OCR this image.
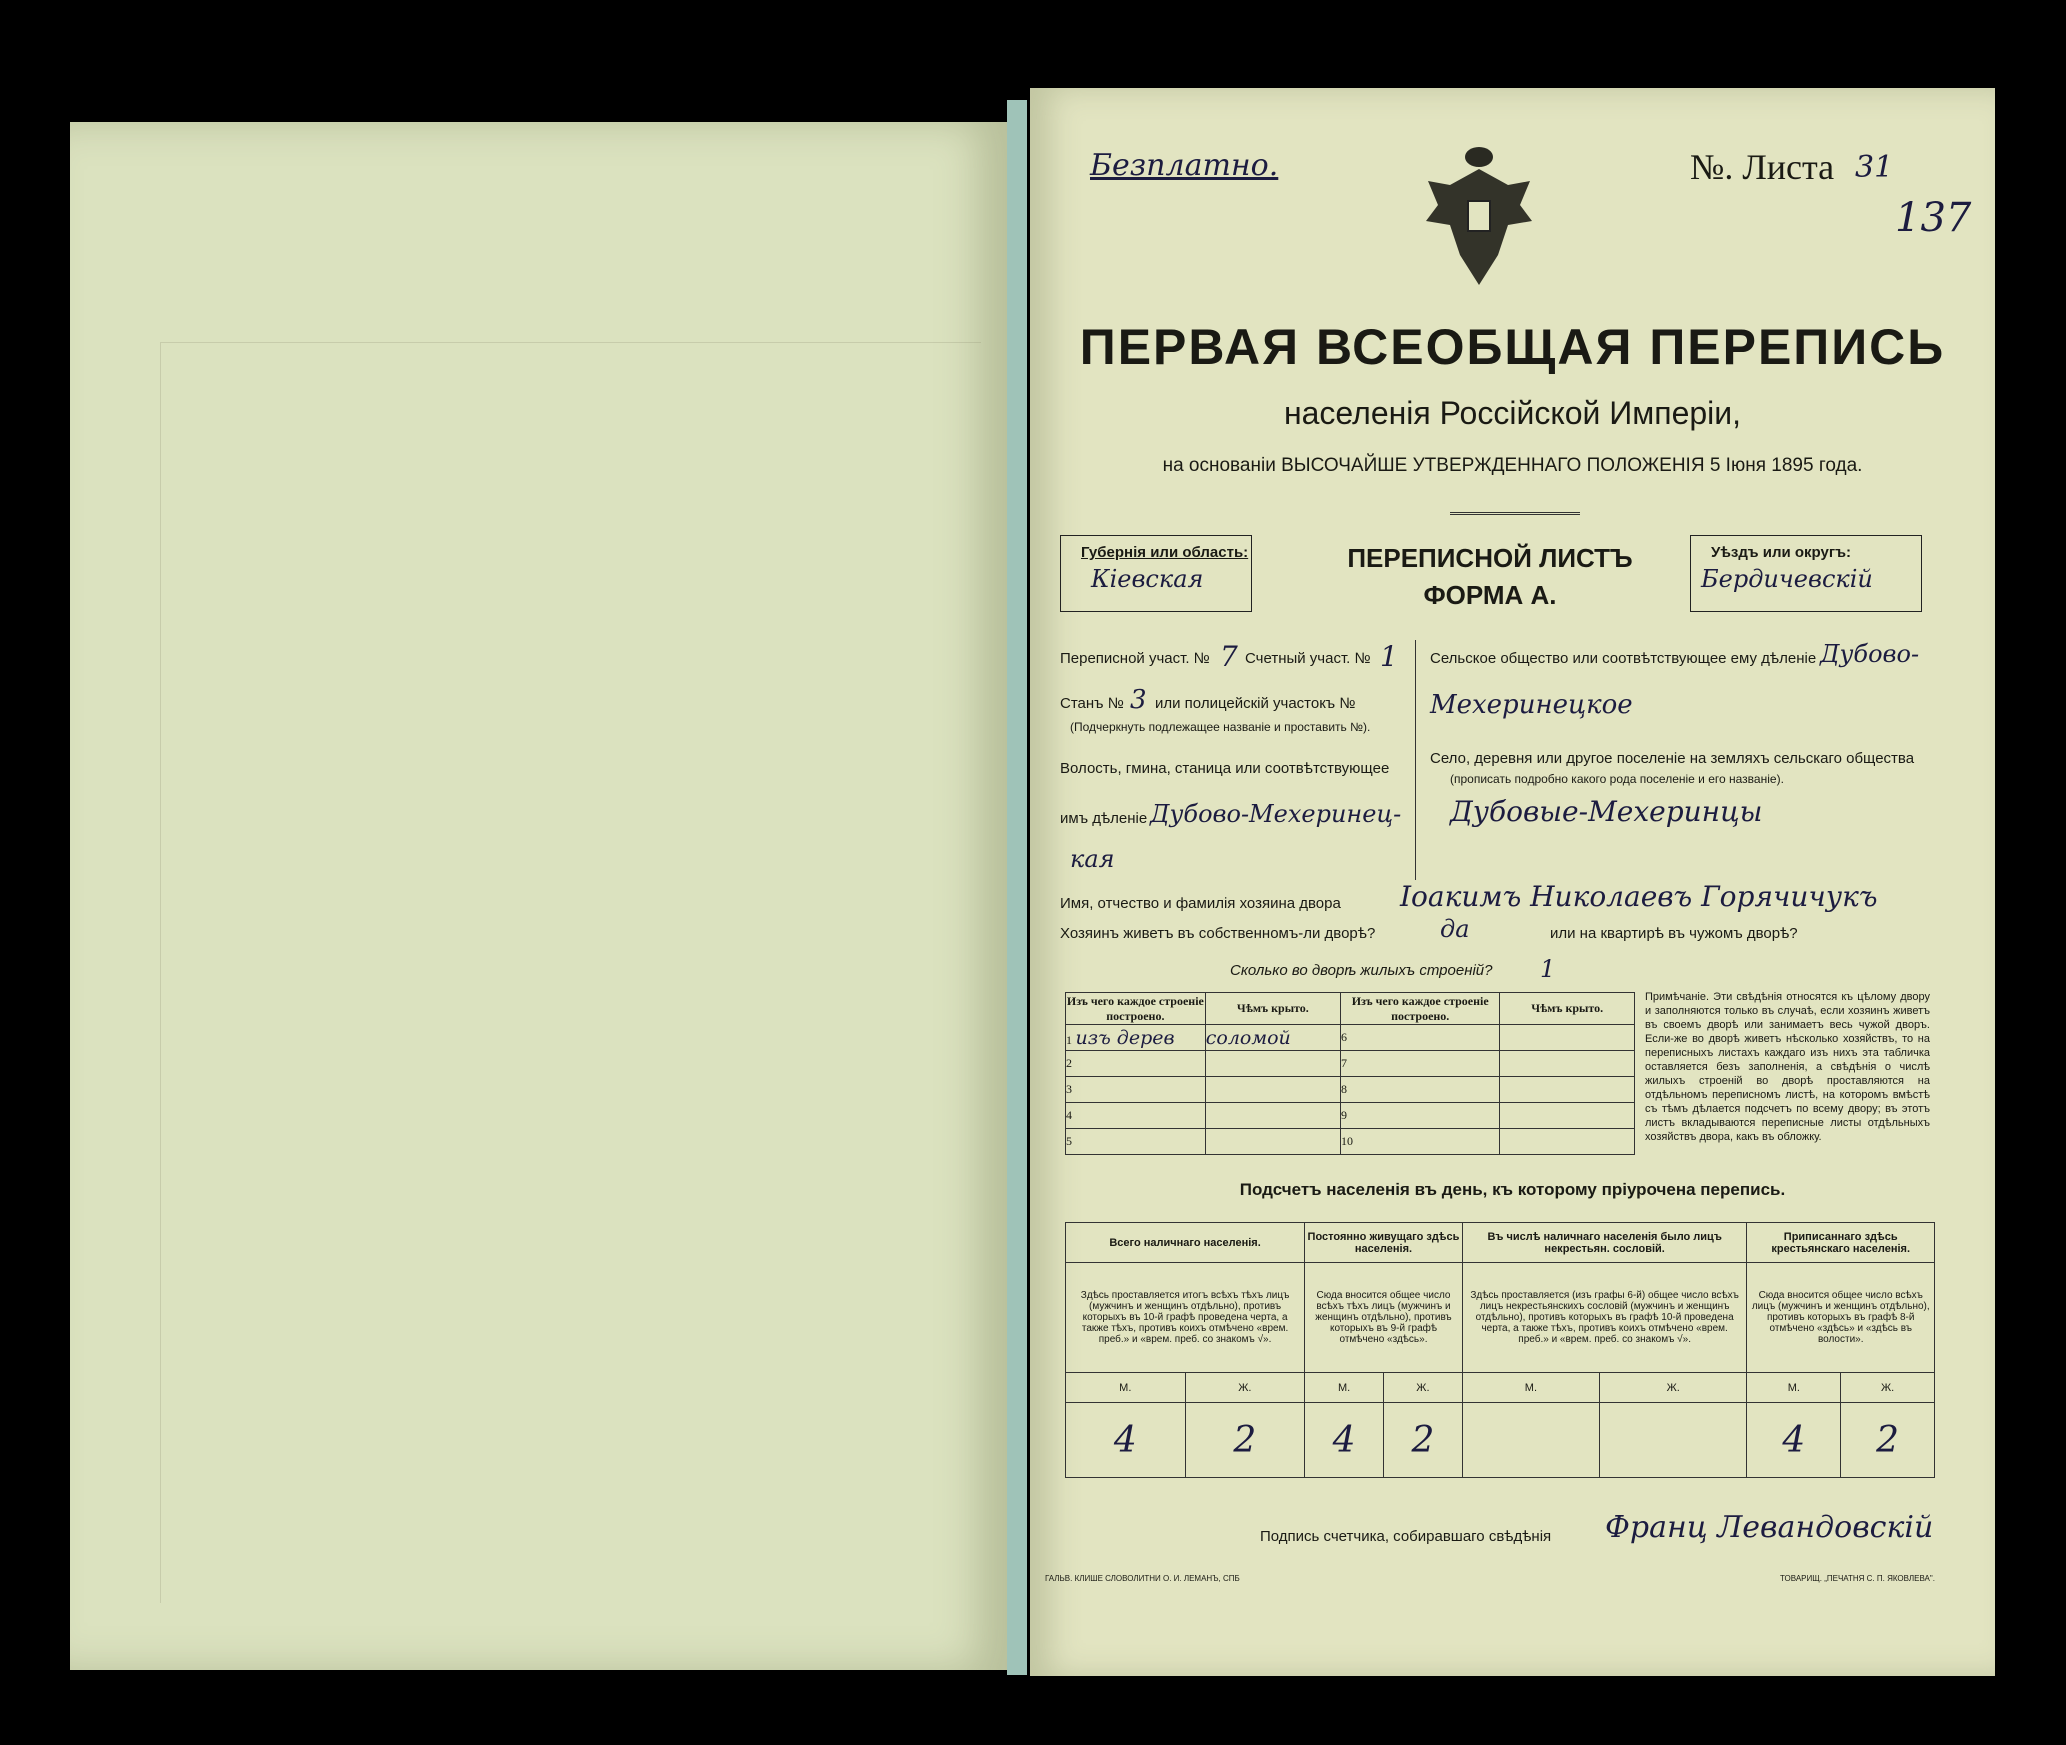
Безплатно.	№. Листа 31
137
ПЕРВАЯ ВСЕОБЩАЯ ПЕРЕПИСЬ
населенія Россійской Имперіи,
на основаніи ВЫСОЧАЙШЕ УТВЕРЖДЕННАГО ПОЛОЖЕНІЯ 5 Іюня 1895 года.
Губернія или область:
Кіевская
ПЕРЕПИСНОЙ ЛИСТЪ
ФОРМА А.
Уѣздъ или округъ:
Бердичевскій
Переписной участ. № 7 Счетный участ. № 1
Станъ № 3 или полицейскій участокъ №
(Подчеркнуть подлежащее названіе и проставить №).
Волость, гмина, станица или соотвѣтствующее
имъ дѣленіе Дубово-Мехеринец-
кая
Сельское общество или соотвѣтствующее ему дѣленіе Дубово-
Мехеринецкое
Село, деревня или другое поселеніе на земляхъ сельскаго общества
(прописать подробно какого рода поселеніе и его названіе).
Дубовые-Мехеринцы
Имя, отчество и фамилія хозяина двора Іоакимъ Николаевъ Горячичукъ
Хозяинъ живетъ въ собственномъ-ли дворѣ?	да	или на квартирѣ въ чужомъ дворѣ?
Сколько во дворѣ жилыхъ строеній? 1
Изъ чего каждое строеніе построено.	Чѣмъ крыто.	Изъ чего каждое строеніе построено.	Чѣмъ крыто.
1 изъ дерев	соломой	6	
2		7	
3		8	
4		9	
5		10	
Примѣчаніе. Эти свѣдѣнія относятся къ цѣлому двору и заполняются только въ случаѣ, если хозяинъ живетъ въ своемъ дворѣ или занимаетъ весь чужой дворъ. Если-же во дворѣ живетъ нѣсколько хозяйствъ, то на переписныхъ листахъ каждаго изъ нихъ эта табличка оставляется безъ заполненія, а свѣдѣнія о числѣ жилыхъ строеній во дворѣ проставляются на отдѣльномъ переписномъ листѣ, на которомъ вмѣстѣ съ тѣмъ дѣлается подсчетъ по всему двору; въ этотъ листъ вкладываются переписные листы отдѣльныхъ хозяйствъ двора, какъ въ обложку.
Подсчетъ населенія въ день, къ которому пріурочена перепись.
Всего наличнаго населенія.		Постоянно живущаго здѣсь населенія.		Въ числѣ наличнаго населенія было лицъ некрестьян. сословій.		Приписаннаго здѣсь крестьянскаго населенія.	
Здѣсь проставляется итогъ всѣхъ тѣхъ лицъ (мужчинъ и женщинъ отдѣльно), противъ которыхъ въ 10-й графѣ проведена черта, а также тѣхъ, противъ коихъ отмѣчено «врем. преб.» и «врем. преб. со знакомъ √».		Сюда вносится общее число всѣхъ тѣхъ лицъ (мужчинъ и женщинъ отдѣльно), противъ которыхъ въ 9-й графѣ отмѣчено «здѣсь».		Здѣсь проставляется (изъ графы 6-й) общее число всѣхъ лицъ некрестьянскихъ сословій (мужчинъ и женщинъ отдѣльно), противъ которыхъ въ графѣ 10-й проведена черта, а также тѣхъ, противъ коихъ отмѣчено «врем. преб.» и «врем. преб. со знакомъ √».		Сюда вносится общее число всѣхъ лицъ (мужчинъ и женщинъ отдѣльно), противъ которыхъ въ графѣ 8-й отмѣчено «здѣсь» и «здѣсь въ волости».	
М.	Ж.	М.	Ж.	М.	Ж.	М.	Ж.
4	2	4	2			4	2
Подпись счетчика, собиравшаго свѣдѣнія Франц Левандовскій
ГАЛЬВ. КЛИШЕ СЛОВОЛИТНИ О. И. ЛЕМАНЪ, СПБ	ТОВАРИЩ. „ПЕЧАТНЯ С. П. ЯКОВЛЕВА".
